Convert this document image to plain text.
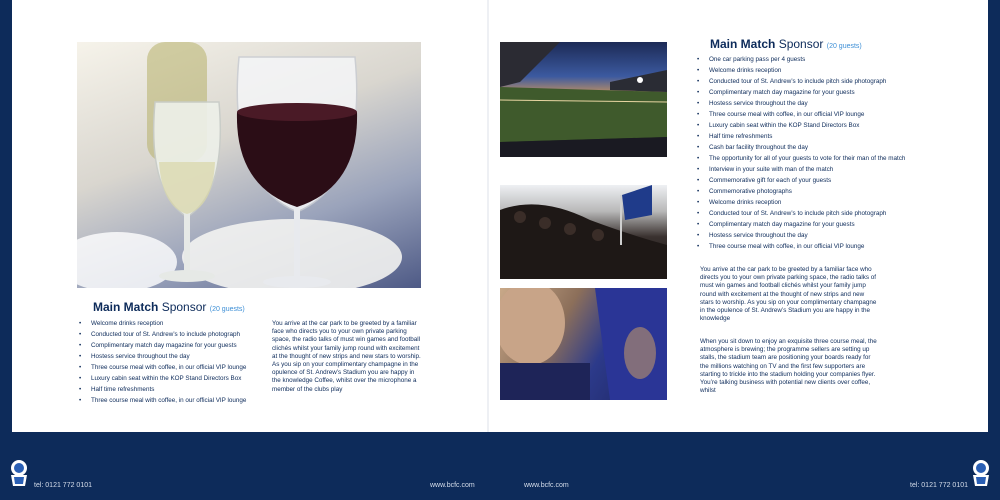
Main Match Sponsor (20 guests)
• Welcome drinks reception
• Conducted tour of St. Andrew’s to include photograph
• Complimentary match day magazine for your guests
• Hostess service throughout the day
• Three course meal with coffee, in our official VIP lounge
• Luxury cabin seat within the KOP Stand Directors Box
• Half time refreshments
• Three course meal with coffee, in our official VIP lounge

You arrive at the car park to be greeted by a familiar face who directs you to your own private parking space, the radio talks of must win games and football clichés whilst your family jump round with excitement at the thought of new strips and new stars to worship. As you sip on your complimentary champagne in the opulence of St. Andrew’s Stadium you are happy in the knowledge Coffee, whilst over the microphone a member of the clubs play

Main Match Sponsor (20 guests)
• One car parking pass per 4 guests
• Welcome drinks reception
• Conducted tour of St. Andrew’s to include pitch side photograph
• Complimentary match day magazine for your guests
• Hostess service throughout the day
• Three course meal with coffee, in our official VIP lounge
• Luxury cabin seat within the KOP Stand Directors Box
• Half time refreshments
• Cash bar facility throughout the day
• The opportunity for all of your guests to vote for their man of the match
• Interview in your suite with man of the match
• Commemorative gift for each of your guests
• Commemorative photographs
• Welcome drinks reception
• Conducted tour of St. Andrew’s to include pitch side photograph
• Complimentary match day magazine for your guests
• Hostess service throughout the day
• Three course meal with coffee, in our official VIP lounge

You arrive at the car park to be greeted by a familiar face who directs you to your own private parking space, the radio talks of must win games and football clichés whilst your family jump round with excitement at the thought of new strips and new stars to worship. As you sip on your complimentary champagne in the opulence of St. Andrew’s Stadium you are happy in the knowledge

When you sit down to enjoy an exquisite three course meal, the atmosphere is brewing; the programme sellers are setting up stalls, the stadium team are positioning your boards ready for the millions watching on TV and the first few supporters are starting to trickle into the stadium holding your companies flyer. You’re talking business with potential new clients over coffee, whilst

tel: 0121 772 0101	www.bcfc.com	www.bcfc.com	tel: 0121 772 0101
